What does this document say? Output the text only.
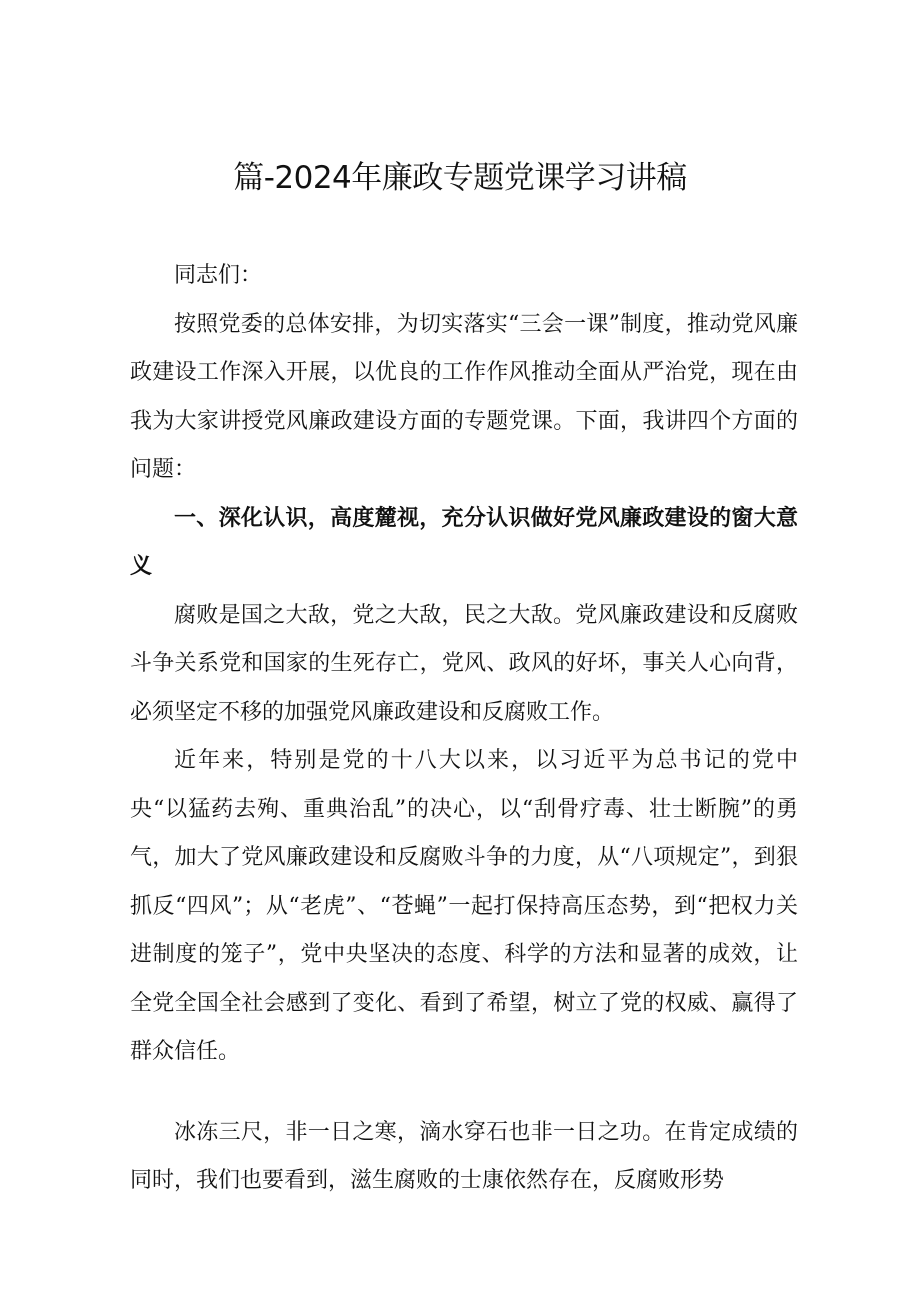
篇-2024年廉政专题党课学习讲稿

同志们：

按照党委的总体安排，为切实落实“三会一课”制度，推动党风廉政建设工作深入开展，以优良的工作作风推动全面从严治党，现在由我为大家讲授党风廉政建设方面的专题党课。下面，我讲四个方面的问题：

一、深化认识，高度麓视，充分认识做好党风廉政建设的窗大意义

腐败是国之大敌，党之大敌，民之大敌。党风廉政建设和反腐败斗争关系党和国家的生死存亡，党风、政风的好坏，事关人心向背，必须坚定不移的加强党风廉政建设和反腐败工作。

近年来，特别是党的十八大以来，以习近平为总书记的党中央“以猛药去殉、重典治乱”的决心，以“刮骨疗毒、壮士断腕”的勇气，加大了党风廉政建设和反腐败斗争的力度，从“八项规定”，到狠抓反“四风”；从“老虎”、“苍蝇”一起打保持高压态势，到“把权力关进制度的笼子”，党中央坚决的态度、科学的方法和显著的成效，让全党全国全社会感到了变化、看到了希望，树立了党的权威、赢得了群众信任。

冰冻三尺，非一日之寒，滴水穿石也非一日之功。在肯定成绩的同时，我们也要看到，滋生腐败的士康依然存在，反腐败形势
